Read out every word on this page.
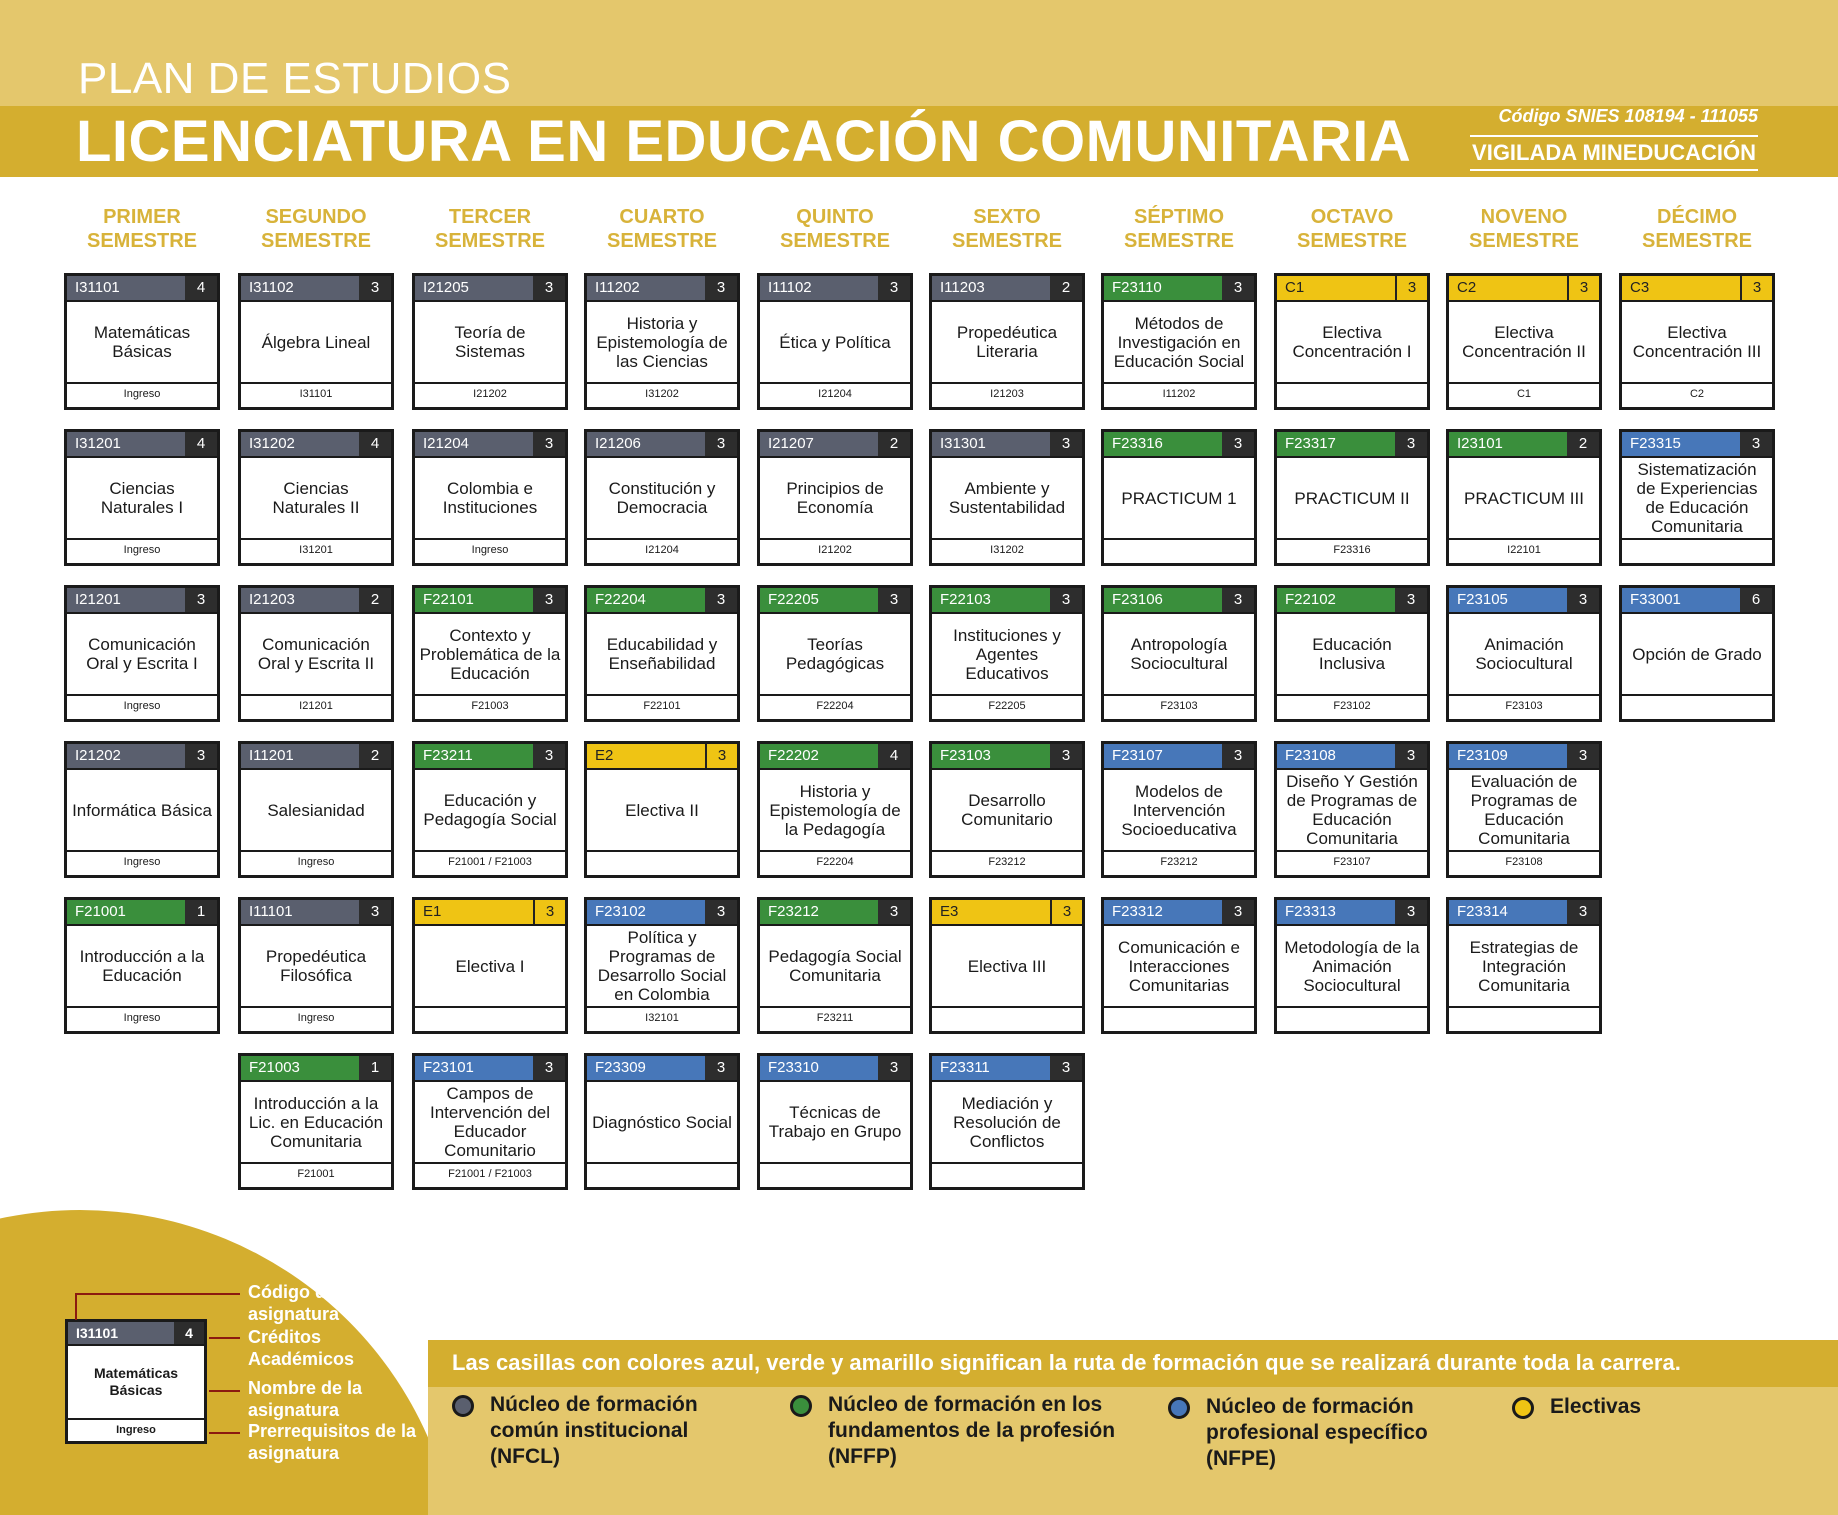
PLAN DE ESTUDIOS
LICENCIATURA EN EDUCACIÓN COMUNITARIA	Código SNIES 108194 - 111055
VIGILADA MINEDUCACIÓN
PRIMER
SEMESTRE
SEGUNDO
SEMESTRE
TERCER
SEMESTRE
CUARTO
SEMESTRE
QUINTO
SEMESTRE
SEXTO
SEMESTRE
SÉPTIMO
SEMESTRE
OCTAVO
SEMESTRE
NOVENO
SEMESTRE
DÉCIMO
SEMESTRE
I31101	4
Matemáticas Básicas
Ingreso
I31201	4
Ciencias Naturales I
Ingreso
I21201	3
Comunicación Oral y Escrita I
Ingreso
I21202	3
Informática Básica
Ingreso
F21001	1
Introducción a la Educación
Ingreso
I31102	3
Álgebra Lineal
I31101
I31202	4
Ciencias Naturales II
I31201
I21203	2
Comunicación Oral y Escrita II
I21201
I11201	2
Salesianidad
Ingreso
I11101	3
Propedéutica Filosófica
Ingreso
F21003	1
Introducción a la Lic. en Educación Comunitaria
F21001
I21205	3
Teoría de Sistemas
I21202
I21204	3
Colombia e Instituciones
Ingreso
F22101	3
Contexto y Problemática de la Educación
F21003
F23211	3
Educación y Pedagogía Social
F21001 / F21003
E1	3
Electiva I
F23101	3
Campos de Intervención del Educador Comunitario
F21001 / F21003
I11202	3
Historia y Epistemología de las Ciencias
I31202
I21206	3
Constitución y Democracia
I21204
F22204	3
Educabilidad y Enseñabilidad
F22101
E2	3
Electiva II
F23102	3
Política y Programas de Desarrollo Social en Colombia
I32101
F23309	3
Diagnóstico Social
I11102	3
Ética y Política
I21204
I21207	2
Principios de Economía
I21202
F22205	3
Teorías Pedagógicas
F22204
F22202	4
Historia y Epistemología de la Pedagogía
F22204
F23212	3
Pedagogía Social Comunitaria
F23211
F23310	3
Técnicas de Trabajo en Grupo
I11203	2
Propedéutica Literaria
I21203
I31301	3
Ambiente y Sustentabilidad
I31202
F22103	3
Instituciones y Agentes Educativos
F22205
F23103	3
Desarrollo Comunitario
F23212
E3	3
Electiva III
F23311	3
Mediación y Resolución de Conflictos
F23110	3
Métodos de Investigación en Educación Social
I11202
F23316	3
PRACTICUM 1
F23106	3
Antropología Sociocultural
F23103
F23107	3
Modelos de Intervención Socioeducativa
F23212
F23312	3
Comunicación e Interacciones Comunitarias
C1	3
Electiva Concentración I
F23317	3
PRACTICUM II
F23316
F22102	3
Educación Inclusiva
F23102
F23108	3
Diseño Y Gestión de Programas de Educación Comunitaria
F23107
F23313	3
Metodología de la Animación Sociocultural
C2	3
Electiva Concentración II
C1
I23101	2
PRACTICUM III
I22101
F23105	3
Animación Sociocultural
F23103
F23109	3
Evaluación de Programas de Educación Comunitaria
F23108
F23314	3
Estrategias de Integración Comunitaria
C3	3
Electiva Concentración III
C2
F23315	3
Sistematización de Experiencias de Educación Comunitaria
F33001	6
Opción de Grado
Las casillas con colores azul, verde y amarillo significan la ruta de formación que se realizará durante toda la carrera.
I31101	4
Matemáticas Básicas
Ingreso
Código de la asignatura
Créditos Académicos
Nombre de la asignatura
Prerrequisitos de la asignatura
Núcleo de formación común institucional (NFCL)
Núcleo de formación en los fundamentos de la profesión (NFFP)
Núcleo de formación profesional específico (NFPE)
Electivas
